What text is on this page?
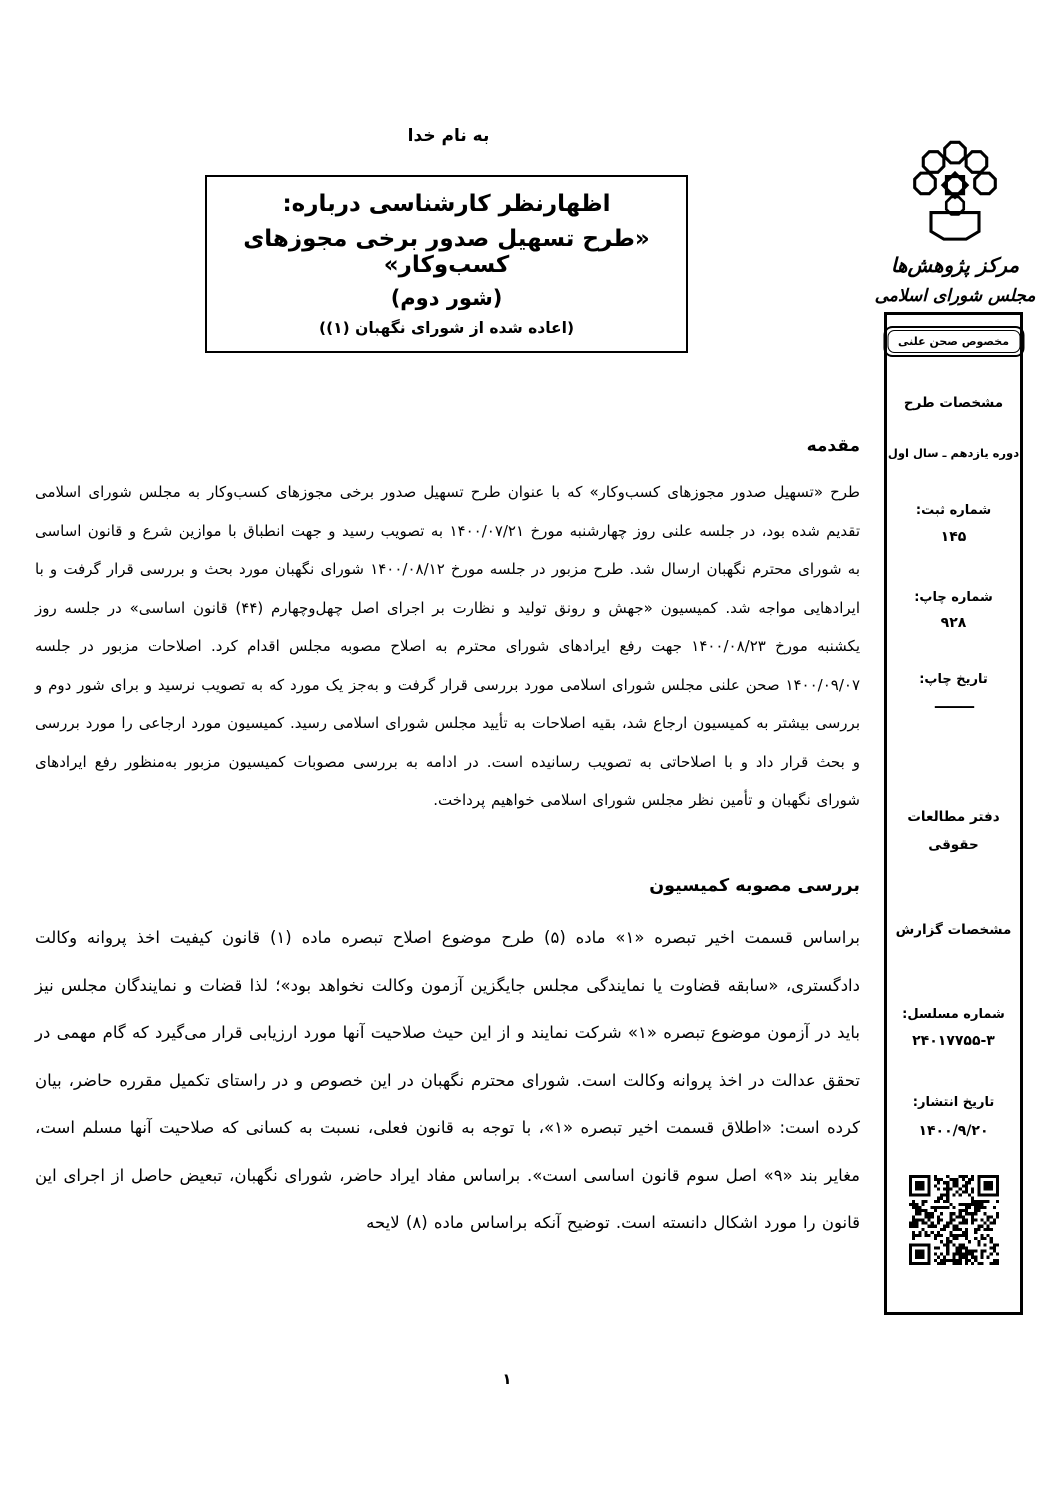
به نام خدا
اظهارنظر کارشناسی درباره:
«طرح تسهیل صدور برخی مجوزهای کسب‌وکار»
(شور دوم)
(اعاده شده از شورای نگهبان (۱))
مرکز پژوهش‌ها
مجلس شورای اسلامی
مخصوص صحن علنی
مشخصات طرح
دوره یازدهم ـ سال اول
شماره ثبت:
۱۴۵
شماره چاپ:
۹۲۸
تاریخ چاپ:
———
دفتر مطالعات
حقوقی
مشخصات گزارش
شماره مسلسل:
۲۴۰۱۷۷۵۵-۳
تاریخ انتشار:
۱۴۰۰/۹/۲۰
مقدمه
طرح «تسهیل صدور مجوزهای کسب‌وکار» که با عنوان طرح تسهیل صدور برخی مجوزهای کسب‌وکار به مجلس شورای اسلامی تقدیم شده بود، در جلسه علنی روز چهارشنبه مورخ ۱۴۰۰/۰۷/۲۱ به تصویب رسید و جهت انطباق با موازین شرع و قانون اساسی به شورای محترم نگهبان ارسال شد. طرح مزبور در جلسه مورخ ۱۴۰۰/۰۸/۱۲ شورای نگهبان مورد بحث و بررسی قرار گرفت و با ایرادهایی مواجه شد. کمیسیون «جهش و رونق تولید و نظارت بر اجرای اصل چهل‌وچهارم (۴۴) قانون اساسی» در جلسه روز یکشنبه مورخ ۱۴۰۰/۰۸/۲۳ جهت رفع ایرادهای شورای محترم به اصلاح مصوبه مجلس اقدام کرد. اصلاحات مزبور در جلسه ۱۴۰۰/۰۹/۰۷ صحن علنی مجلس شورای اسلامی مورد بررسی قرار گرفت و به‌جز یک مورد که به تصویب نرسید و برای شور دوم و بررسی بیشتر به کمیسیون ارجاع شد، بقیه اصلاحات به تأیید مجلس شورای اسلامی رسید. کمیسیون مورد ارجاعی را مورد بررسی و بحث قرار داد و با اصلاحاتی به تصویب رسانیده است. در ادامه به بررسی مصوبات کمیسیون مزبور به‌منظور رفع ایرادهای شورای نگهبان و تأمین نظر مجلس شورای اسلامی خواهیم پرداخت.
بررسی مصوبه کمیسیون
براساس قسمت اخیر تبصره «۱» ماده (۵) طرح موضوع اصلاح تبصره ماده (۱) قانون کیفیت اخذ پروانه وکالت دادگستری، «سابقه قضاوت یا نمایندگی مجلس جایگزین آزمون وکالت نخواهد بود»؛ لذا قضات و نمایندگان مجلس نیز باید در آزمون موضوع تبصره «۱» شرکت نمایند و از این حیث صلاحیت آنها مورد ارزیابی قرار می‌گیرد که گام مهمی در تحقق عدالت در اخذ پروانه وکالت است. شورای محترم نگهبان در این خصوص و در راستای تکمیل مقرره حاضر، بیان کرده است: «اطلاق قسمت اخیر تبصره «۱»، با توجه به قانون فعلی، نسبت به کسانی که صلاحیت آنها مسلم است، مغایر بند «۹» اصل سوم قانون اساسی است». براساس مفاد ایراد حاضر، شورای نگهبان، تبعیض حاصل از اجرای این قانون را مورد اشکال دانسته است. توضیح آنکه براساس ماده (۸) لایحه
۱
